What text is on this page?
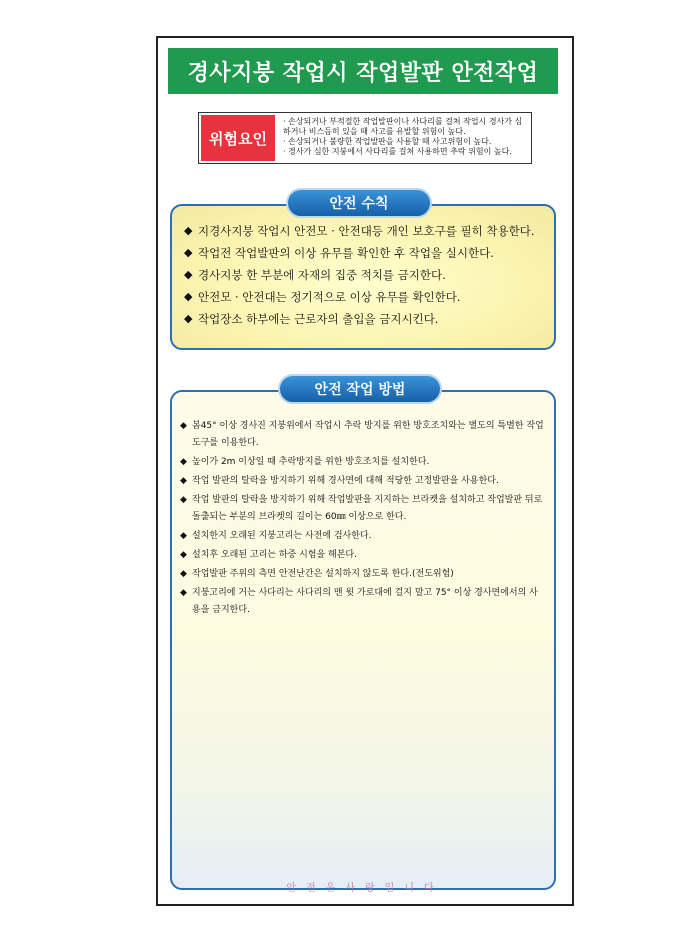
경사지붕 작업시 작업발판 안전작업
위험요인
· 손상되거나 부적절한 작업발판이나 사다리를 걸쳐 작업시 경사가 심하거나 비스듬히 있을 때 사고를 유발할 위험이 높다.
· 손상되거나 불량한 작업발판을 사용할 때 사고위험이 높다.
· 경사가 심한 지붕에서 사다리를 걸쳐 사용하면 추락 위험이 높다.
◆ 지경사지붕 작업시 안전모 · 안전대등 개인 보호구를 필히 착용한다.
◆ 작업전 작업발판의 이상 유무를 확인한 후 작업을 실시한다.
◆ 경사지붕 한 부분에 자재의 집중 적치를 금지한다.
◆ 안전모 · 안전대는 정기적으로 이상 유무를 확인한다.
◆ 작업장소 하부에는 근로자의 출입을 금지시킨다.
안전 수칙
◆ 봄45° 이상 경사진 지붕위에서 작업시 추락 방지를 위한 방호조치와는 별도의 특별한 작업도구를 이용한다.
◆ 높이가 2m 이상일 때 추락방지를 위한 방호조치를 설치한다.
◆ 작업 발판의 탈락을 방지하기 위해 경사면에 대해 적당한 고정발판을 사용한다.
◆ 작업 발판의 탈락을 방지하기 위해 작업발판을 지지하는 브라켓을 설치하고 작업발판 뒤로 돌출되는 부분의 브라켓의 길이는 60㎜ 이상으로 한다.
◆ 설치한지 오래된 지붕고리는 사전에 검사한다.
◆ 설치후 오래된 고리는 하중 시험을 해본다.
◆ 작업발판 주위의 측면 안전난간은 설치하지 않도록 한다.(전도위험)
◆ 지붕고리에 거는 사다리는 사다리의 맨 윗 가로대에 걸지 말고 75° 이상 경사면에서의 사용을 금지한다.
안전 작업 방법
안전은사랑입니다
